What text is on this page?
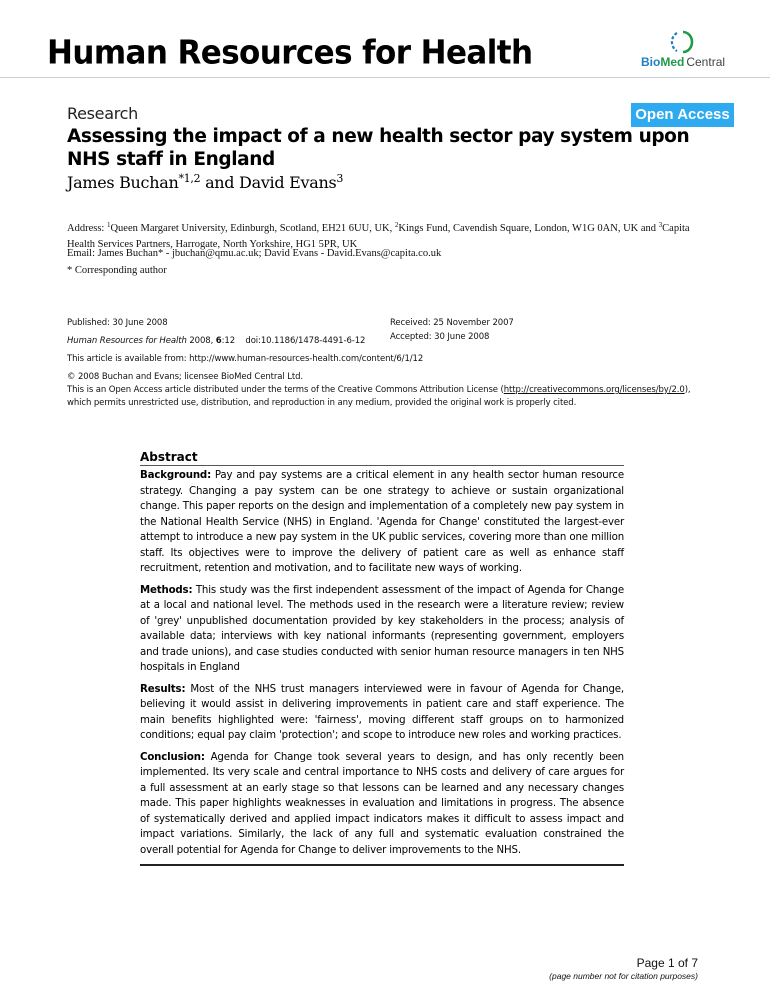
Human Resources for Health	BioMed Central
Research	Open Access
Assessing the impact of a new health sector pay system upon NHS staff in England
James Buchan$^{*1,2}$ and David Evans$^3$
Address: $^1$Queen Margaret University, Edinburgh, Scotland, EH21 6UU, UK, $^2$Kings Fund, Cavendish Square, London, W1G 0AN, UK and $^3$Capita Health Services Partners, Harrogate, North Yorkshire, HG1 5PR, UK
Email: James Buchan* - jbuchan@qmu.ac.uk; David Evans - David.Evans@capita.co.uk
* Corresponding author
Published: 30 June 2008
Human Resources for Health 2008, 6:12    doi:10.1186/1478-4491-6-12
Received: 25 November 2007
Accepted: 30 June 2008
This article is available from: http://www.human-resources-health.com/content/6/1/12
© 2008 Buchan and Evans; licensee BioMed Central Ltd.
This is an Open Access article distributed under the terms of the Creative Commons Attribution License (http://creativecommons.org/licenses/by/2.0),
which permits unrestricted use, distribution, and reproduction in any medium, provided the original work is properly cited.
Abstract

Background: Pay and pay systems are a critical element in any health sector human resource strategy. Changing a pay system can be one strategy to achieve or sustain organizational change. This paper reports on the design and implementation of a completely new pay system in the National Health Service (NHS) in England. 'Agenda for Change' constituted the largest-ever attempt to introduce a new pay system in the UK public services, covering more than one million staff. Its objectives were to improve the delivery of patient care as well as enhance staff recruitment, retention and motivation, and to facilitate new ways of working.

Methods: This study was the first independent assessment of the impact of Agenda for Change at a local and national level. The methods used in the research were a literature review; review of 'grey' unpublished documentation provided by key stakeholders in the process; analysis of available data; interviews with key national informants (representing government, employers and trade unions), and case studies conducted with senior human resource managers in ten NHS hospitals in England

Results: Most of the NHS trust managers interviewed were in favour of Agenda for Change, believing it would assist in delivering improvements in patient care and staff experience. The main benefits highlighted were: 'fairness', moving different staff groups on to harmonized conditions; equal pay claim 'protection'; and scope to introduce new roles and working practices.

Conclusion: Agenda for Change took several years to design, and has only recently been implemented. Its very scale and central importance to NHS costs and delivery of care argues for a full assessment at an early stage so that lessons can be learned and any necessary changes made. This paper highlights weaknesses in evaluation and limitations in progress. The absence of systematically derived and applied impact indicators makes it difficult to assess impact and impact variations. Similarly, the lack of any full and systematic evaluation constrained the overall potential for Agenda for Change to deliver improvements to the NHS.

Page 1 of 7
(page number not for citation purposes)
